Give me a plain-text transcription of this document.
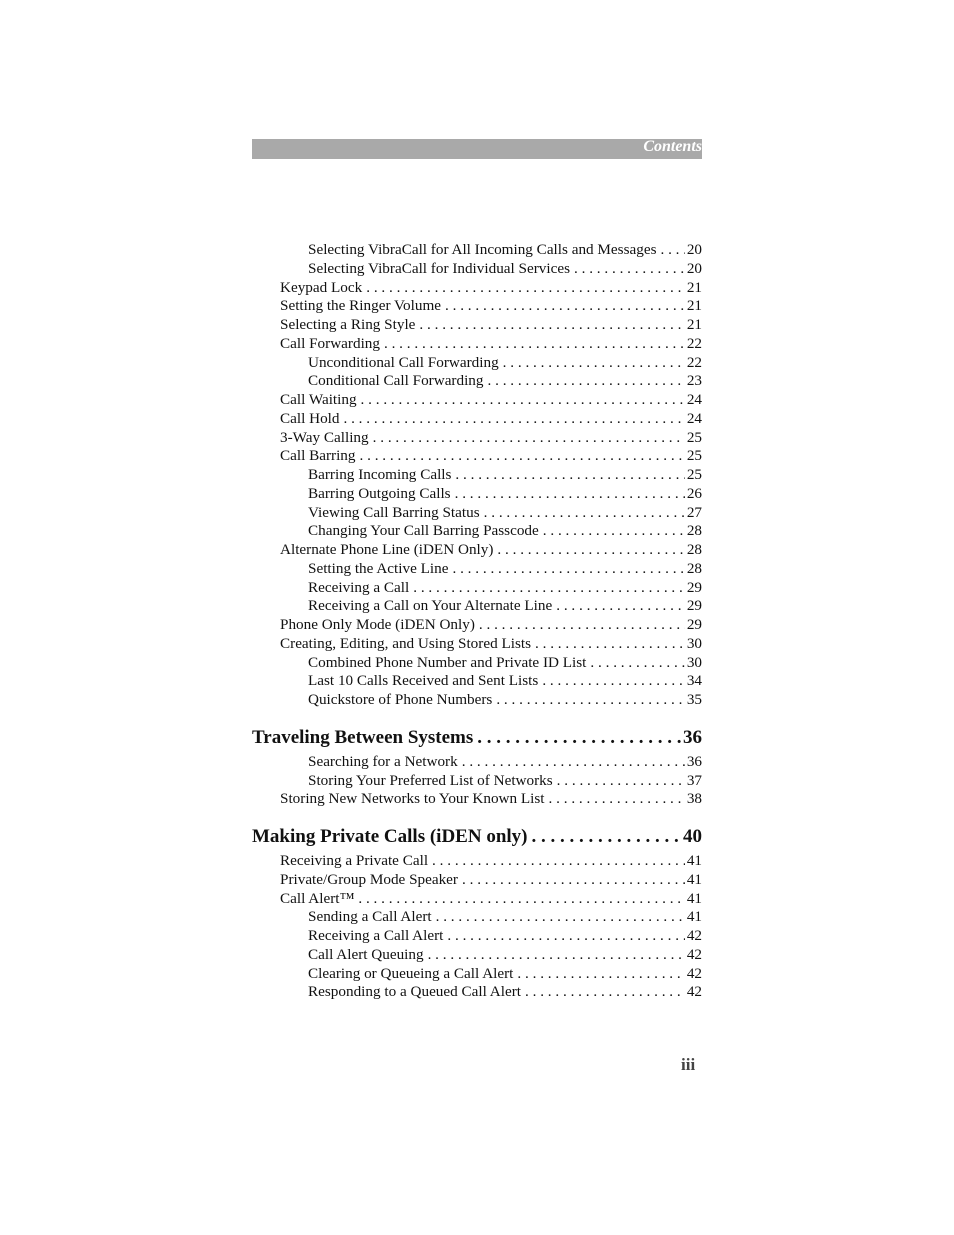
Contents
Selecting VibraCall for All Incoming Calls and Messages . . . 20
Selecting VibraCall for Individual Services . . .	20
Keypad Lock . . .	21
Setting the Ringer Volume . . .	21
Selecting a Ring Style . . .	21
Call Forwarding . . .	22
Unconditional Call Forwarding . . .	22
Conditional Call Forwarding . . .	23
Call Waiting . . .	24
Call Hold . . .	24
3-Way Calling . . .	25
Call Barring . . .	25
Barring Incoming Calls . . .	25
Barring Outgoing Calls . . .	26
Viewing Call Barring Status . . .	27
Changing Your Call Barring Passcode . . .	28
Alternate Phone Line (iDEN Only) . . .	28
Setting the Active Line . . .	28
Receiving a Call . . .	29
Receiving a Call on Your Alternate Line . . .	29
Phone Only Mode (iDEN Only) . . .	29
Creating, Editing, and Using Stored Lists . . .	30
Combined Phone Number and Private ID List . . .	30
Last 10 Calls Received and Sent Lists . . .	34
Quickstore of Phone Numbers . . .	35
Traveling Between Systems . . .	36
Searching for a Network . . .	36
Storing Your Preferred List of Networks . . .	37
Storing New Networks to Your Known List . . .	38
Making Private Calls (iDEN only) . . .	40
Receiving a Private Call . . .	41
Private/Group Mode Speaker . . .	41
Call Alert™ . . .	41
Sending a Call Alert . . .	41
Receiving a Call Alert . . .	42
Call Alert Queuing . . .	42
Clearing or Queueing a Call Alert . . .	42
Responding to a Queued Call Alert . . .	42
iii
